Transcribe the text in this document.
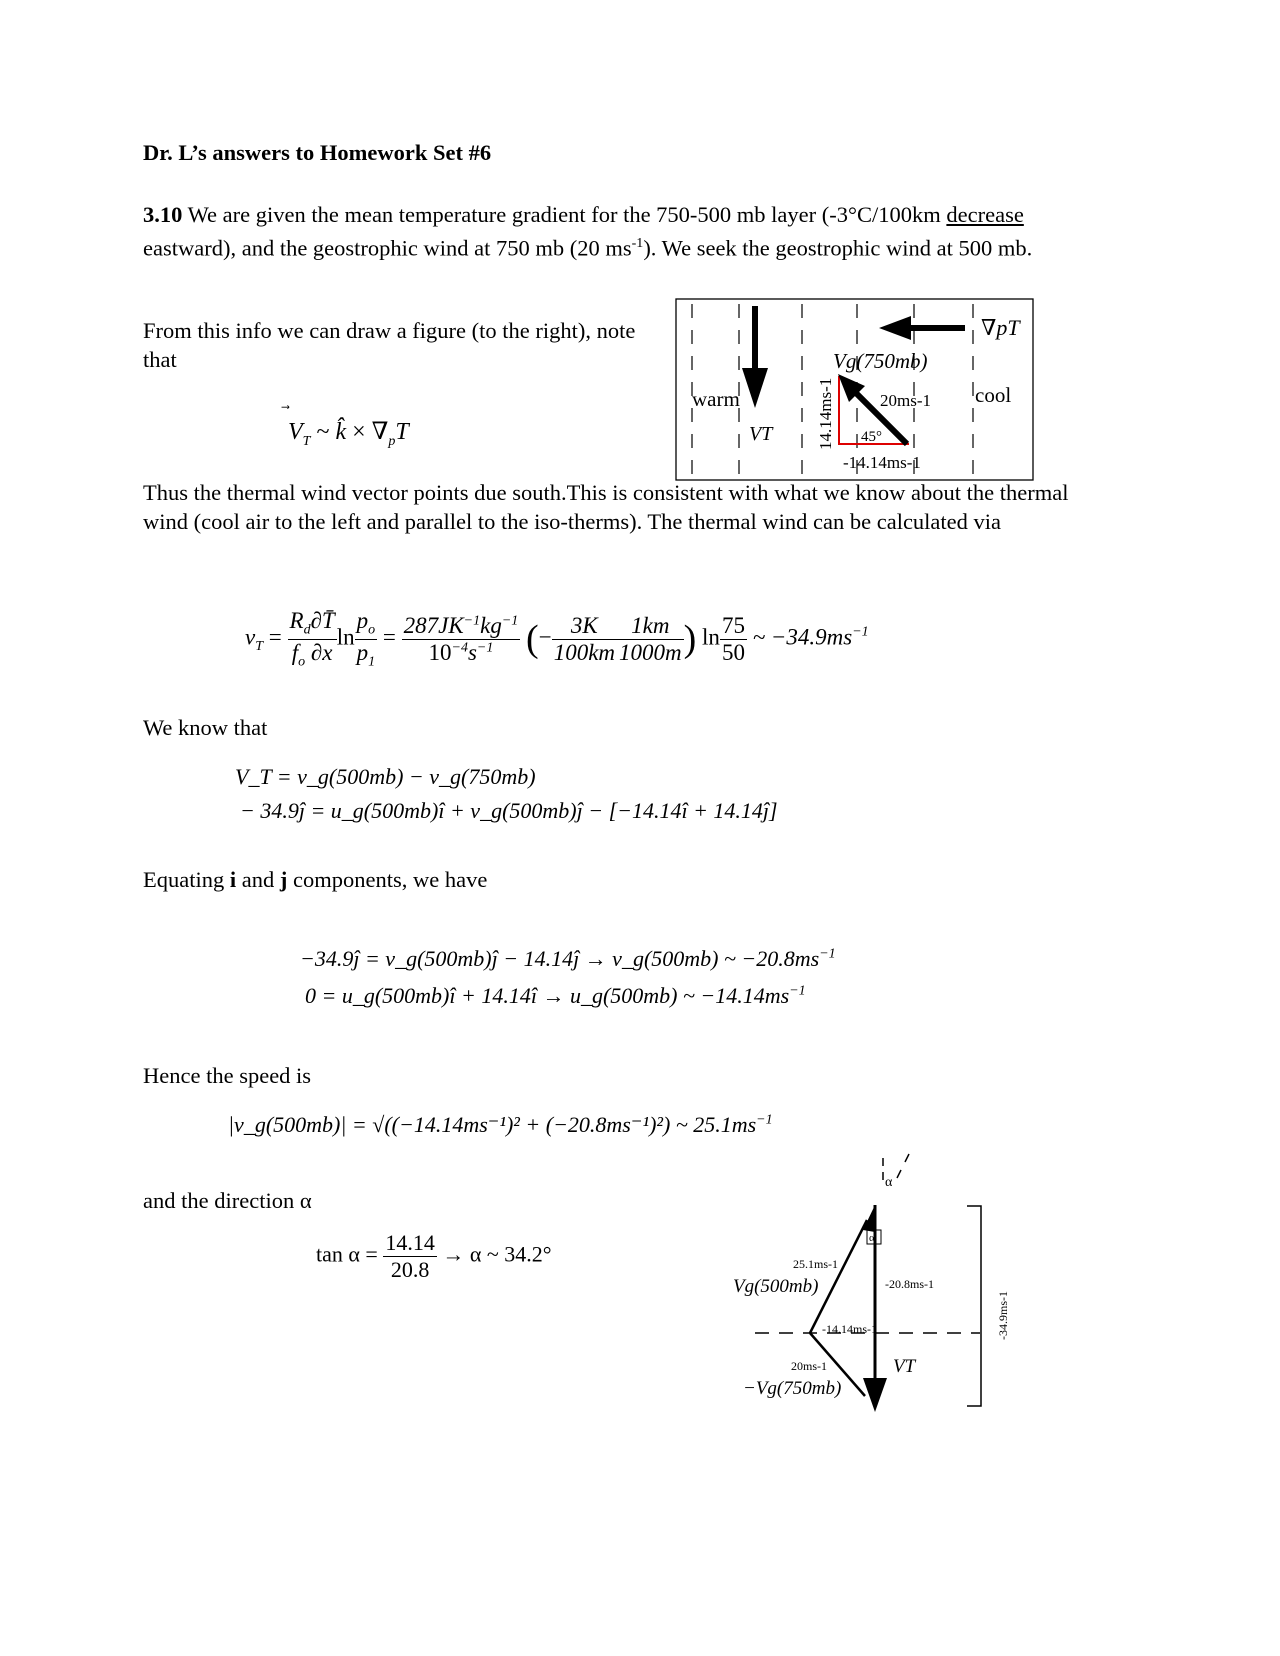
Dr. L’s answers to Homework Set #6
3.10 We are given the mean temperature gradient for the 750-500 mb layer (-3°C/100km decrease eastward), and the geostrophic wind at 750 mb (20 $ms^{-1}$). We seek the geostrophic wind at 500 mb.
From this info we can draw a figure (to the right), note that
V
$_T$ ~ k̂ × $\nabla_pT$
∇pT
warm	cool
VT
Vg(750mb)
20ms-1
14.14ms-1 45°
-14.14ms-1
Thus the thermal wind vector points due south.This is consistent with what we know about the thermal wind (cool air to the left and parallel to the iso-therms). The thermal wind can be calculated via
$v_T = \frac{R_d\partial T̄}{f_o \partial x}$ $\ln \frac{p_o}{p_1} = \frac{287JK^{-1}kg^{-1}}{10^{-4}s^{-1}}$ (− $\frac{3K}{100km} \frac{1km}{1000m}$ ) $\ln \frac{75}{50}$ ~ $-34.9ms^{-1}$
We know that
V_T = v_g(500mb) − v_g(750mb)
− 34.9ĵ = u_g(500mb)î + v_g(500mb)ĵ − [−14.14î + 14.14ĵ]
Equating i and j components, we have
−34.9ĵ = v_g(500mb)ĵ − 14.14ĵ → v_g(500mb) ~ $-20.8ms^{-1}$
0 = u_g(500mb)î + 14.14î → u_g(500mb) ~ $-14.14ms^{-1}$
Hence the speed is
|v_g(500mb)| = √((−14.14ms⁻¹)² + (−20.8ms⁻¹)²) ~ $25.1ms^{-1}$
and the direction α
$\tan \alpha = \frac{14.14}{20.8} \to \alpha$ ~ 34.2°
α
α
-34.9ms-1
25.1ms-1
Vg(500mb)	-20.8ms-1
-14.14ms-1
20ms-1
−Vg(750mb)
VT
